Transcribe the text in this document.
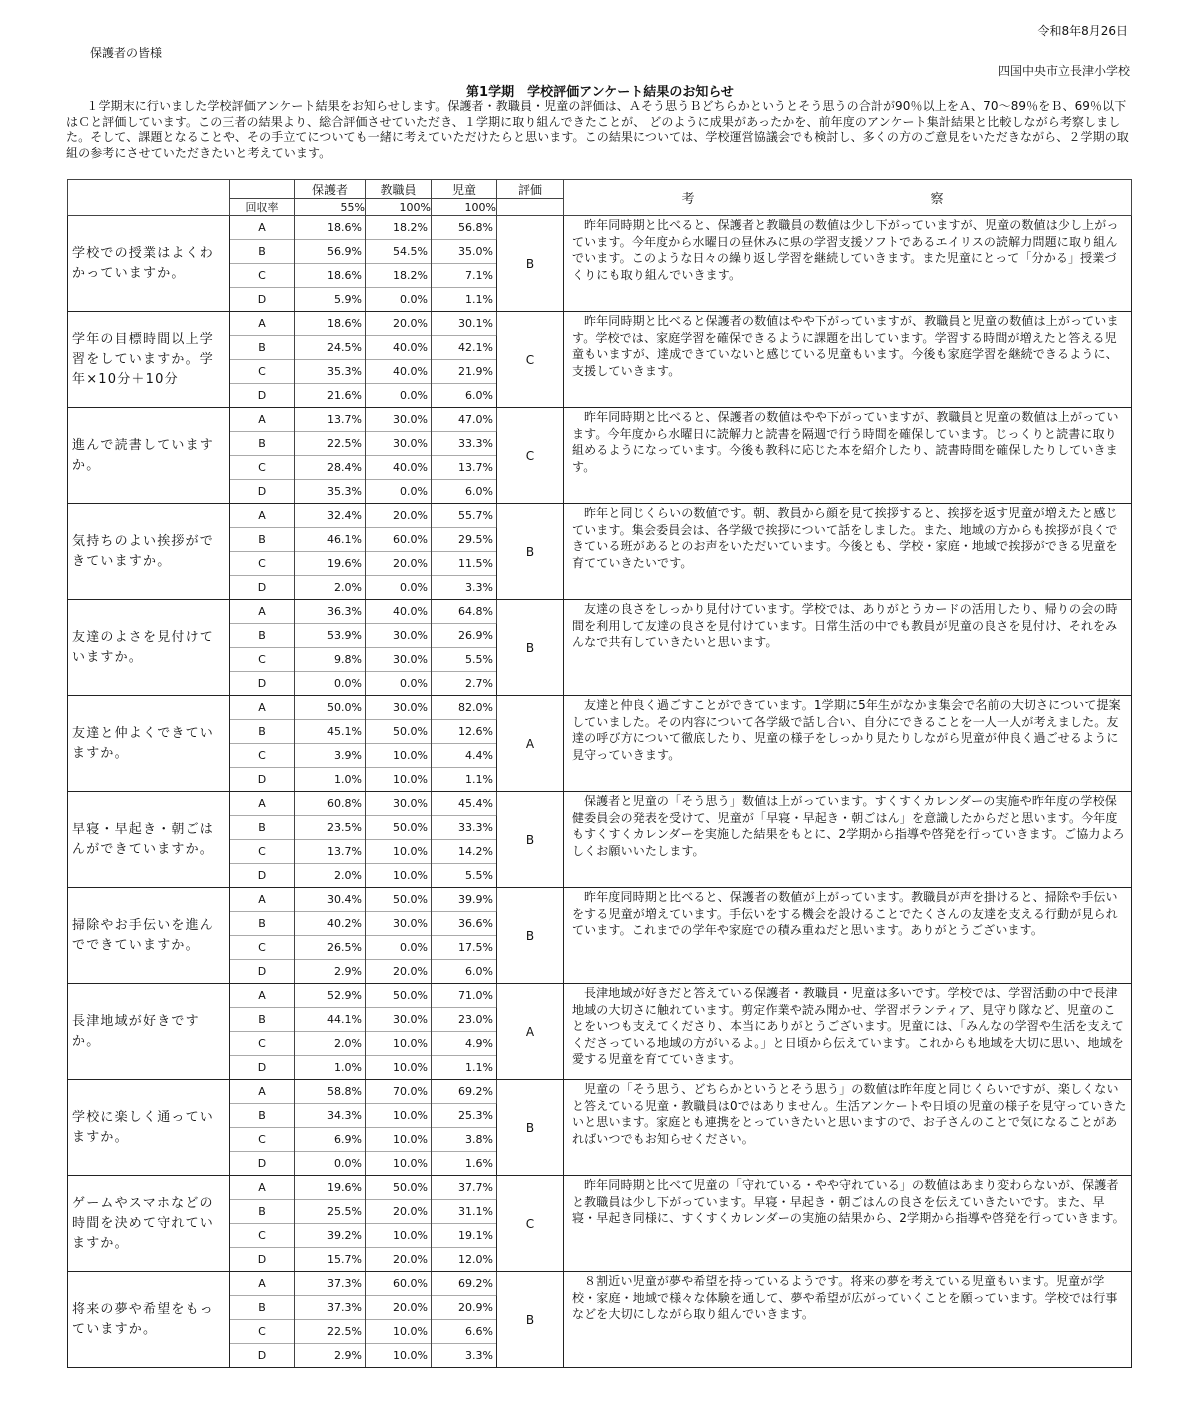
令和8年8月26日
保護者の皆様
四国中央市立長津小学校
第1学期　学校評価アンケート結果のお知らせ
１学期末に行いました学校評価アンケート結果をお知らせします。保護者・教職員・児童の評価は、Ａそう思うＢどちらかというとそう思うの合計が90％以上をＡ、70～89％をＢ、69％以下はＣと評価しています。この三者の結果より、総合評価させていただき、１学期に取り組んできたことが、 どのように成果があったかを、前年度のアンケート集計結果と比較しながら考察しました。そして、課題となることや、その手立てについても一緒に考えていただけたらと思います。この結果については、学校運営協議会でも検討し、多くの方のご意見をいただきながら、２学期の取組の参考にさせていただきたいと考えています。
		保護者	教職員	児童	評価	考　　察
	回収率	55%	100%	100%		
学校での授業はよくわかっていますか。	A	18.6%	18.2%	56.8%	B	昨年同時期と比べると、保護者と教職員の数値は少し下がっていますが、児童の数値は少し上がっています。今年度から水曜日の昼休みに県の学習支援ソフトであるエイリスの読解力問題に取り組んでいます。このような日々の繰り返し学習を継続していきます。また児童にとって「分かる」授業づくりにも取り組んでいきます。
	B	56.9%	54.5%	35.0%		
	C	18.6%	18.2%	7.1%		
	D	5.9%	0.0%	1.1%		
学年の目標時間以上学習をしていますか。学年×10分＋10分	A	18.6%	20.0%	30.1%	C	昨年同時期と比べると保護者の数値はやや下がっていますが、教職員と児童の数値は上がっています。学校では、家庭学習を確保できるように課題を出しています。学習する時間が増えたと答える児童もいますが、達成できていないと感じている児童もいます。今後も家庭学習を継続できるように、支援していきます。
	B	24.5%	40.0%	42.1%		
	C	35.3%	40.0%	21.9%		
	D	21.6%	0.0%	6.0%		
進んで読書していますか。	A	13.7%	30.0%	47.0%	C	昨年同時期と比べると、保護者の数値はやや下がっていますが、教職員と児童の数値は上がっています。今年度から水曜日に読解力と読書を隔週で行う時間を確保しています。じっくりと読書に取り組めるようになっています。今後も教科に応じた本を紹介したり、読書時間を確保したりしていきます。
	B	22.5%	30.0%	33.3%		
	C	28.4%	40.0%	13.7%		
	D	35.3%	0.0%	6.0%		
気持ちのよい挨拶ができていますか。	A	32.4%	20.0%	55.7%	B	昨年と同じくらいの数値です。朝、教員から顔を見て挨拶すると、挨拶を返す児童が増えたと感じています。集会委員会は、各学級で挨拶について話をしました。また、地域の方からも挨拶が良くできている班があるとのお声をいただいています。今後とも、学校・家庭・地域で挨拶ができる児童を育てていきたいです。
	B	46.1%	60.0%	29.5%		
	C	19.6%	20.0%	11.5%		
	D	2.0%	0.0%	3.3%		
友達のよさを見付けていますか。	A	36.3%	40.0%	64.8%	B	友達の良さをしっかり見付けています。学校では、ありがとうカードの活用したり、帰りの会の時間を利用して友達の良さを見付けています。日常生活の中でも教員が児童の良さを見付け、それをみんなで共有していきたいと思います。
	B	53.9%	30.0%	26.9%		
	C	9.8%	30.0%	5.5%		
	D	0.0%	0.0%	2.7%		
友達と仲よくできていますか。	A	50.0%	30.0%	82.0%	A	友達と仲良く過ごすことができています。1学期に5年生がなかま集会で名前の大切さについて提案していました。その内容について各学級で話し合い、自分にできることを一人一人が考えました。友達の呼び方について徹底したり、児童の様子をしっかり見たりしながら児童が仲良く過ごせるように見守っていきます。
	B	45.1%	50.0%	12.6%		
	C	3.9%	10.0%	4.4%		
	D	1.0%	10.0%	1.1%		
早寝・早起き・朝ごはんができていますか。	A	60.8%	30.0%	45.4%	B	保護者と児童の「そう思う」数値は上がっています。すくすくカレンダーの実施や昨年度の学校保健委員会の発表を受けて、児童が「早寝・早起き・朝ごはん」を意識したからだと思います。今年度もすくすくカレンダーを実施した結果をもとに、2学期から指導や啓発を行っていきます。ご協力よろしくお願いいたします。
	B	23.5%	50.0%	33.3%		
	C	13.7%	10.0%	14.2%		
	D	2.0%	10.0%	5.5%		
掃除やお手伝いを進んでできていますか。	A	30.4%	50.0%	39.9%	B	昨年度同時期と比べると、保護者の数値が上がっています。教職員が声を掛けると、掃除や手伝いをする児童が増えています。手伝いをする機会を設けることでたくさんの友達を支える行動が見られています。これまでの学年や家庭での積み重ねだと思います。ありがとうございます。
	B	40.2%	30.0%	36.6%		
	C	26.5%	0.0%	17.5%		
	D	2.9%	20.0%	6.0%		
長津地域が好きですか。	A	52.9%	50.0%	71.0%	A	長津地域が好きだと答えている保護者・教職員・児童は多いです。学校では、学習活動の中で長津地域の大切さに触れています。剪定作業や読み聞かせ、学習ボランティア、見守り隊など、児童のことをいつも支えてくださり、本当にありがとうございます。児童には、「みんなの学習や生活を支えてくださっている地域の方がいるよ。」と日頃から伝えています。これからも地域を大切に思い、地域を愛する児童を育てていきます。
	B	44.1%	30.0%	23.0%		
	C	2.0%	10.0%	4.9%		
	D	1.0%	10.0%	1.1%		
学校に楽しく通っていますか。	A	58.8%	70.0%	69.2%	B	児童の「そう思う、どちらかというとそう思う」の数値は昨年度と同じくらいですが、楽しくないと答えている児童・教職員は0ではありません。生活アンケートや日頃の児童の様子を見守っていきたいと思います。家庭とも連携をとっていきたいと思いますので、お子さんのことで気になることがあればいつでもお知らせください。
	B	34.3%	10.0%	25.3%		
	C	6.9%	10.0%	3.8%		
	D	0.0%	10.0%	1.6%		
ゲームやスマホなどの時間を決めて守れていますか。	A	19.6%	50.0%	37.7%	C	昨年同時期と比べて児童の「守れている・やや守れている」の数値はあまり変わらないが、保護者と教職員は少し下がっています。早寝・早起き・朝ごはんの良さを伝えていきたいです。また、早寝・早起き同様に、すくすくカレンダーの実施の結果から、2学期から指導や啓発を行っていきます。
	B	25.5%	20.0%	31.1%		
	C	39.2%	10.0%	19.1%		
	D	15.7%	20.0%	12.0%		
将来の夢や希望をもっていますか。	A	37.3%	60.0%	69.2%	B	８割近い児童が夢や希望を持っているようです。将来の夢を考えている児童もいます。児童が学校・家庭・地域で様々な体験を通して、夢や希望が広がっていくことを願っています。学校では行事などを大切にしながら取り組んでいきます。
	B	37.3%	20.0%	20.9%		
	C	22.5%	10.0%	6.6%		
	D	2.9%	10.0%	3.3%		
